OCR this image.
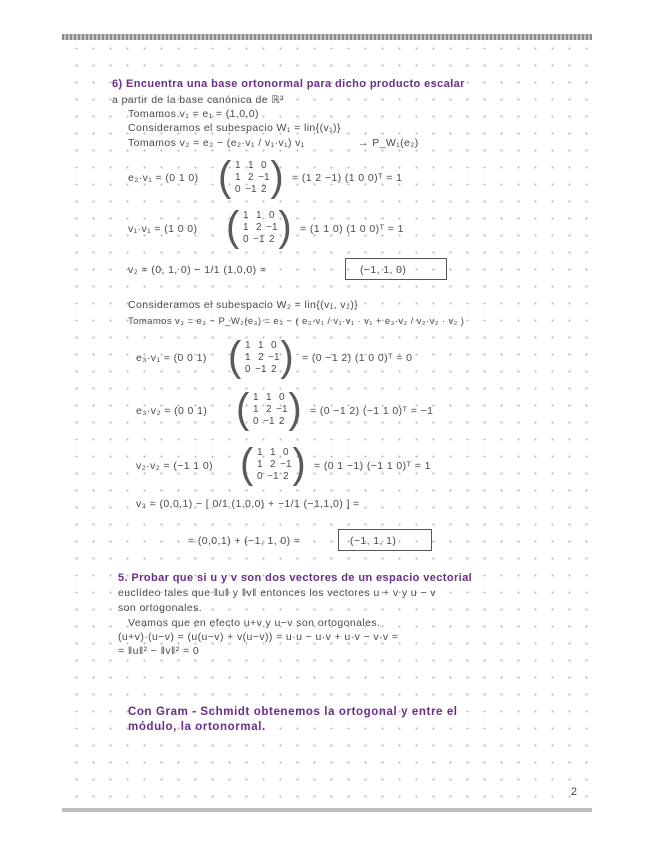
6) Encuentra una base ortonormal para dicho producto escalar
a partir de la base canónica de ℝ³
Tomamos v₁ = e₁ = (1,0,0)
Consideramos el subespacio W₁ = lin{(v₁)}
Tomamos v₂ = e₂ − (e₂·v₁ / v₁·v₁) v₁	→ P_W₁(e₂)
e₂·v₁ = (0 1 0) ( 1 1 0
1 2 −1
0 −1 2 ) = (1 2 −1) (1 0 0)ᵀ = 1
v₁·v₁ = (1 0 0) ( 1 1 0
1 2 −1
0 −1 2 ) = (1 1 0) (1 0 0)ᵀ = 1
v₂ = (0, 1, 0) − 1/1 (1,0,0) =	(−1, 1, 0)
Consideramos el subespacio W₂ = lin{(v₁, v₂)}
Tomamos v₃ = e₃ − P_W₂(e₃) = e₃ − ( e₃·v₁ / v₁·v₁ · v₁ + e₃·v₂ / v₂·v₂ · v₂ )
e₃·v₁ = (0 0 1) ( 1 1 0
1 2 −1
0 −1 2 ) = (0 −1 2) (1 0 0)ᵀ = 0
e₃·v₂ = (0 0 1) ( 1 1 0
1 2 −1
0 −1 2 ) = (0 −1 2) (−1 1 0)ᵀ = −1
v₂·v₂ = (−1 1 0) ( 1 1 0
1 2 −1
0 −1 2 ) = (0 1 −1) (−1 1 0)ᵀ = 1
v₃ = (0,0,1) − [ 0/1 (1,0,0) + −1/1 (−1,1,0) ] =
= (0,0,1) + (−1, 1, 0) =	(−1, 1, 1)
5. Probar que si u y v son dos vectores de un espacio vectorial
euclídeo tales que ‖u‖ y ‖v‖ entonces los vectores u + v y u − v
son ortogonales.
Veamos que en efecto u+v y u−v son ortogonales.
(u+v)·(u−v) = (u(u−v) + v(u−v)) = u·u − u·v + u·v − v·v =
= ‖u‖² − ‖v‖² = 0
Con Gram - Schmidt obtenemos la ortogonal y entre el
módulo, la ortonormal.
2
